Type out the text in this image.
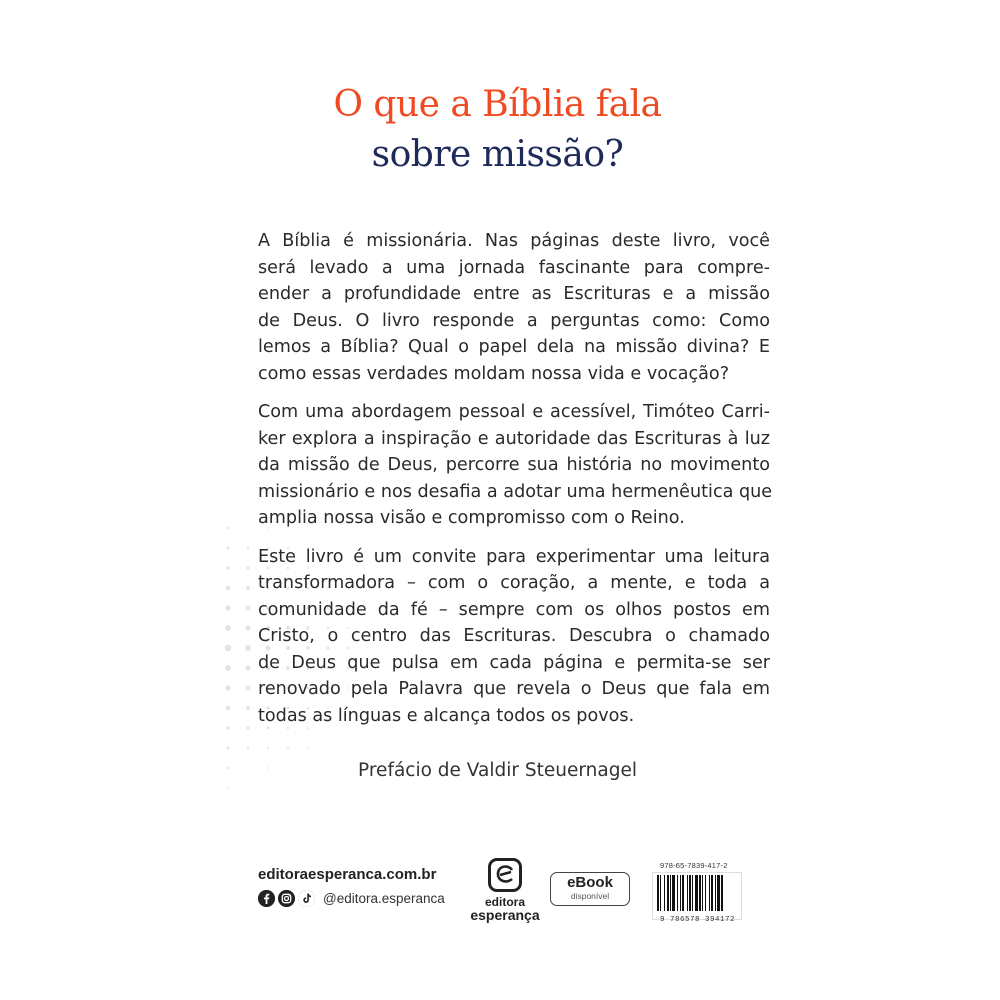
O que a Bíblia fala
sobre missão?

A Bíblia é missionária. Nas páginas deste livro, você
será levado a uma jornada fascinante para compre-
ender a profundidade entre as Escrituras e a missão
de Deus. O livro responde a perguntas como: Como
lemos a Bíblia? Qual o papel dela na missão divina? E
como essas verdades moldam nossa vida e vocação?

Com uma abordagem pessoal e acessível, Timóteo Carri-
ker explora a inspiração e autoridade das Escrituras à luz
da missão de Deus, percorre sua história no movimento
missionário e nos desafia a adotar uma hermenêutica que
amplia nossa visão e compromisso com o Reino.

Este livro é um convite para experimentar uma leitura
transformadora – com o coração, a mente, e toda a
comunidade da fé – sempre com os olhos postos em
Cristo, o centro das Escrituras. Descubra o chamado
de Deus que pulsa em cada página e permita-se ser
renovado pela Palavra que revela o Deus que fala em
todas as línguas e alcança todos os povos.

Prefácio de Valdir Steuernagel
editoraesperanca.com.br
@editora.esperanca	editora
esperança
eBook
disponível
978-65-7839-417-2
9 786578 394172
